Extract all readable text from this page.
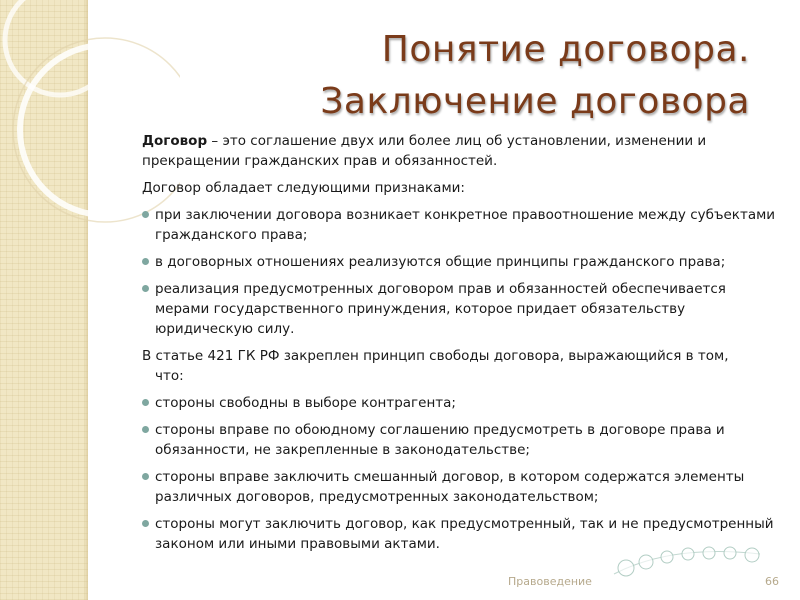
Понятие договора.
Заключение договора

Договор – это соглашение двух или более лиц об установлении, изменении и прекращении гражданских прав и обязанностей.

Договор обладает следующими признаками:

при заключении договора возникает конкретное правоотношение между субъектами гражданского права;
в договорных отношениях реализуются общие принципы гражданского права;
реализация предусмотренных договором прав и обязанностей обеспечивается мерами государственного принуждения, которое придает обязательству юридическую силу.

В статье 421 ГК РФ закреплен принцип свободы договора, выражающийся в том,
что:

стороны свободны в выборе контрагента;
стороны вправе по обоюдному соглашению предусмотреть в договоре права и обязанности, не закрепленные в законодательстве;
стороны вправе заключить смешанный договор, в котором содержатся элементы различных договоров, предусмотренных законодательством;
стороны могут заключить договор, как предусмотренный, так и не предусмотренный законом или иными правовыми актами.
Правоведение	66
